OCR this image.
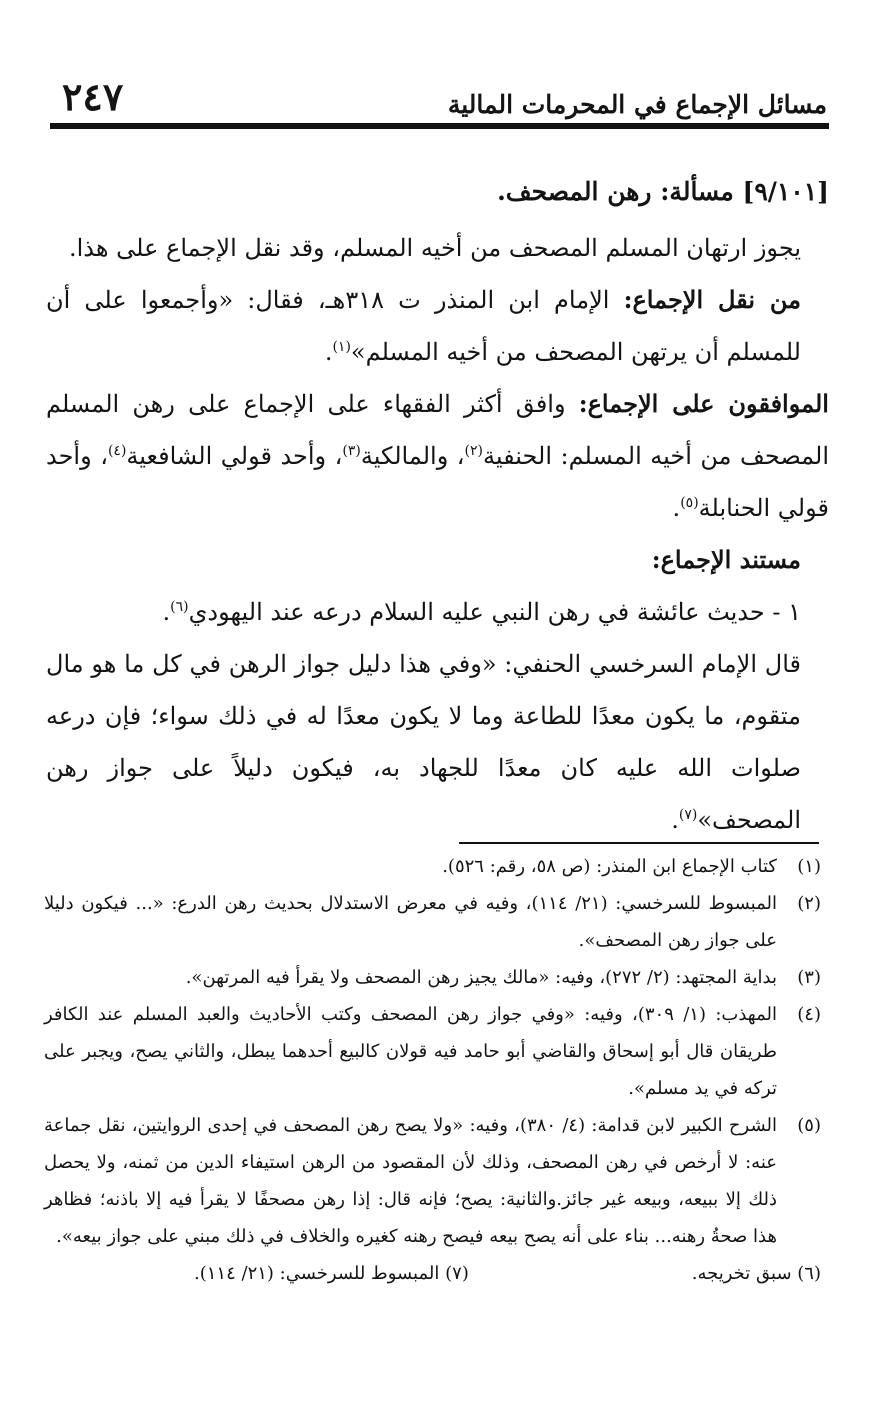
مسائل الإجماع في المحرمات المالية
٢٤٧

[٩/١٠١] مسألة: رهن المصحف.

يجوز ارتهان المسلم المصحف من أخيه المسلم، وقد نقل الإجماع على هذا.

من نقل الإجماع: الإمام ابن المنذر ت ٣١٨هـ، فقال: «وأجمعوا على أن للمسلم أن يرتهن المصحف من أخيه المسلم»$^{(١)}$.

الموافقون على الإجماع: وافق أكثر الفقهاء على الإجماع على رهن المسلم المصحف من أخيه المسلم: الحنفية$^{(٢)}$، والمالكية$^{(٣)}$، وأحد قولي الشافعية$^{(٤)}$، وأحد قولي الحنابلة$^{(٥)}$.

مستند الإجماع:

١ - حديث عائشة في رهن النبي عليه السلام درعه عند اليهودي$^{(٦)}$.

قال الإمام السرخسي الحنفي: «وفي هذا دليل جواز الرهن في كل ما هو مال متقوم، ما يكون معدًا للطاعة وما لا يكون معدًا له في ذلك سواء؛ فإن درعه صلوات الله عليه كان معدًا للجهاد به، فيكون دليلاً على جواز رهن المصحف»$^{(٧)}$.

(١)
كتاب الإجماع ابن المنذر: (ص ٥٨، رقم: ٥٢٦).
(٢)
المبسوط للسرخسي: (٢١/ ١١٤)، وفيه في معرض الاستدلال بحديث رهن الدرع: «... فيكون دليلا على جواز رهن المصحف».
(٣)
بداية المجتهد: (٢/ ٢٧٢)، وفيه: «مالك يجيز رهن المصحف ولا يقرأ فيه المرتهن».
(٤)
المهذب: (١/ ٣٠٩)، وفيه: «وفي جواز رهن المصحف وكتب الأحاديث والعبد المسلم عند الكافر طريقان قال أبو إسحاق والقاضي أبو حامد فيه قولان كالبيع أحدهما يبطل، والثاني يصح، ويجبر على تركه في يد مسلم».
(٥)
الشرح الكبير لابن قدامة: (٤/ ٣٨٠)، وفيه: «ولا يصح رهن المصحف في إحدى الروايتين، نقل جماعة عنه: لا أرخص في رهن المصحف، وذلك لأن المقصود من الرهن استيفاء الدين من ثمنه، ولا يحصل ذلك إلا ببيعه، وبيعه غير جائز.والثانية: يصح؛ فإنه قال: إذا رهن مصحفًا لا يقرأ فيه إلا باذنه؛ فظاهر هذا صحةُ رهنه... بناء على أنه يصح بيعه فيصح رهنه كغيره والخلاف في ذلك مبني على جواز بيعه».
(٦) سبق تخريجه.
(٧) المبسوط للسرخسي: (٢١/ ١١٤).
